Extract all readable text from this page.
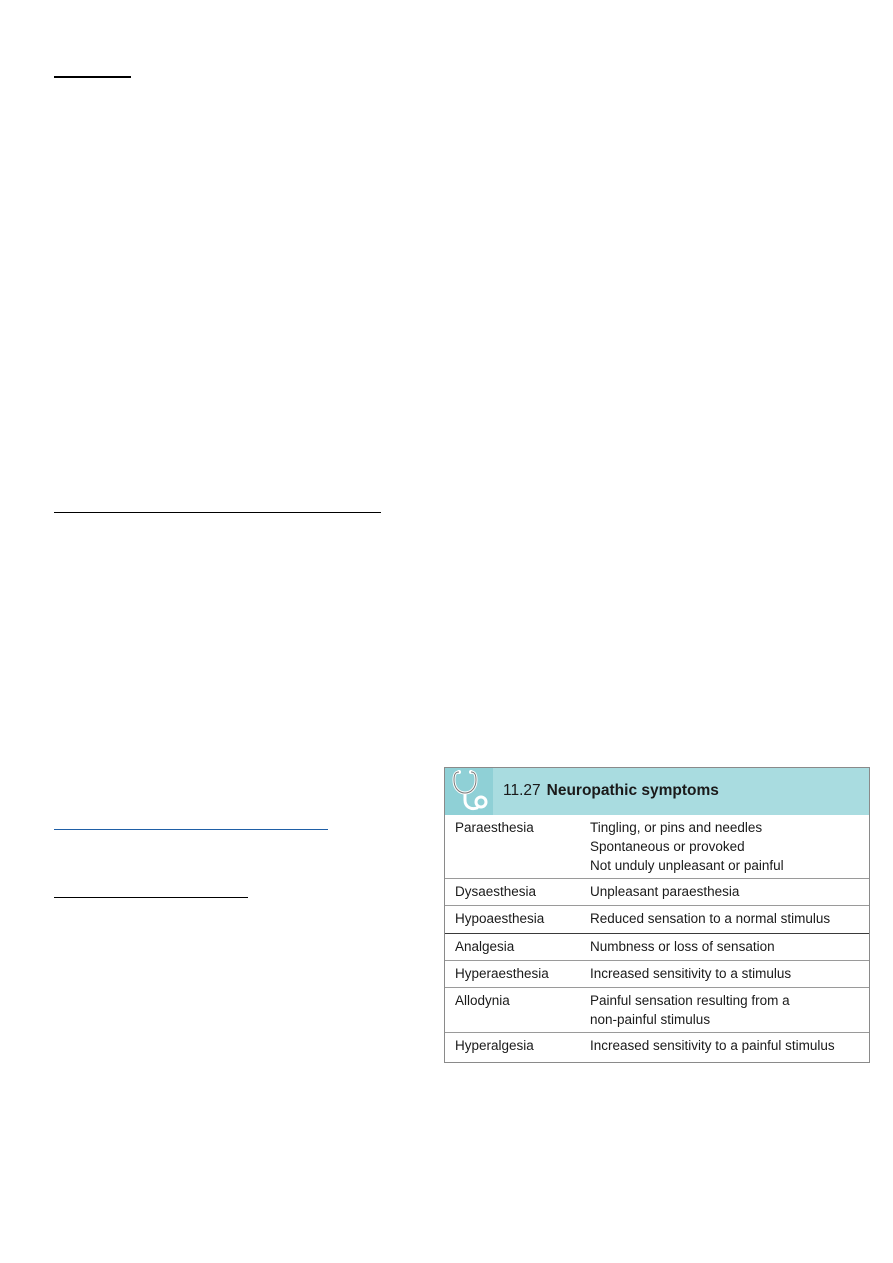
11.27 Neuropathic symptoms
Paraesthesia	Tingling, or pins and needles
Spontaneous or provoked
Not unduly unpleasant or painful
Dysaesthesia	Unpleasant paraesthesia
Hypoaesthesia	Reduced sensation to a normal stimulus
Analgesia	Numbness or loss of sensation
Hyperaesthesia	Increased sensitivity to a stimulus
Allodynia	Painful sensation resulting from a
non-painful stimulus
Hyperalgesia	Increased sensitivity to a painful stimulus
